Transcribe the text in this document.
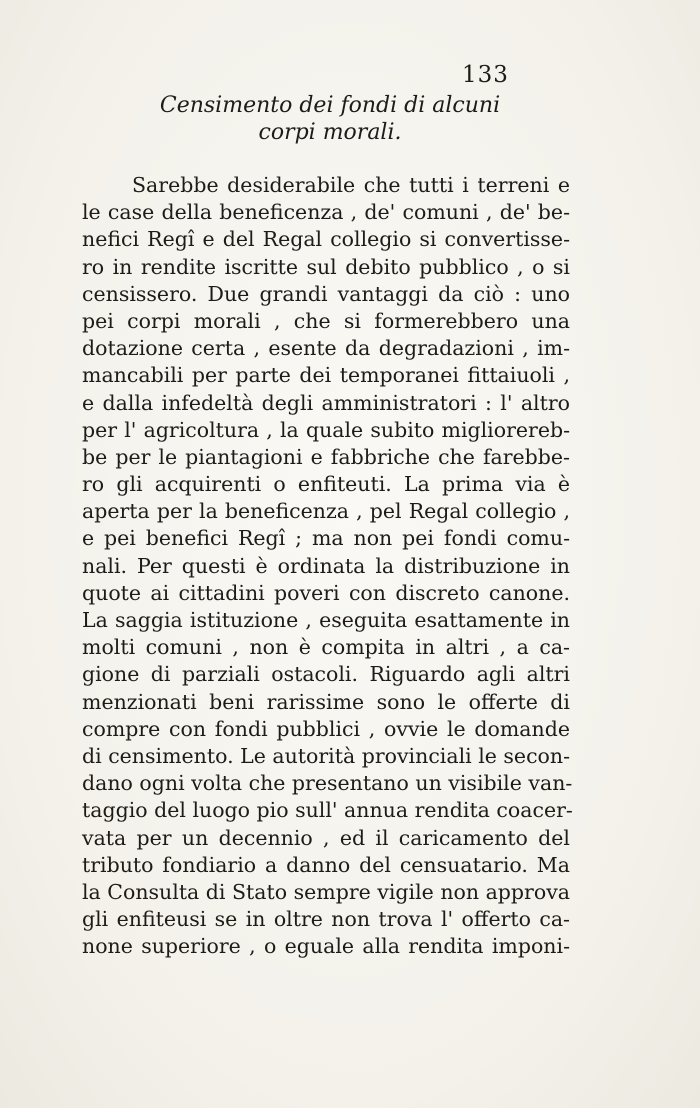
133
Censimento dei fondi di alcuni
corpi morali.
Sarebbe desiderabile che tutti i terreni e
le case della beneficenza , de' comuni , de' be-
nefici Regî e del Regal collegio si convertisse-
ro in rendite iscritte sul debito pubblico , o si
censissero. Due grandi vantaggi da ciò : uno
pei corpi morali , che si formerebbero una
dotazione certa , esente da degradazioni , im-
mancabili per parte dei temporanei fittaiuoli ,
e dalla infedeltà degli amministratori : l' altro
per l' agricoltura , la quale subito migliorereb-
be per le piantagioni e fabbriche che farebbe-
ro gli acquirenti o enfiteuti. La prima via è
aperta per la beneficenza , pel Regal collegio ,
e pei benefici Regî ; ma non pei fondi comu-
nali. Per questi è ordinata la distribuzione in
quote ai cittadini poveri con discreto canone.
La saggia istituzione , eseguita esattamente in
molti comuni , non è compita in altri , a ca-
gione di parziali ostacoli. Riguardo agli altri
menzionati beni rarissime sono le offerte di
compre con fondi pubblici , ovvie le domande
di censimento. Le autorità provinciali le secon-
dano ogni volta che presentano un visibile van-
taggio del luogo pio sull' annua rendita coacer-
vata per un decennio , ed il caricamento del
tributo fondiario a danno del censuatario. Ma
la Consulta di Stato sempre vigile non approva
gli enfiteusi se in oltre non trova l' offerto ca-
none superiore , o eguale alla rendita imponi-
